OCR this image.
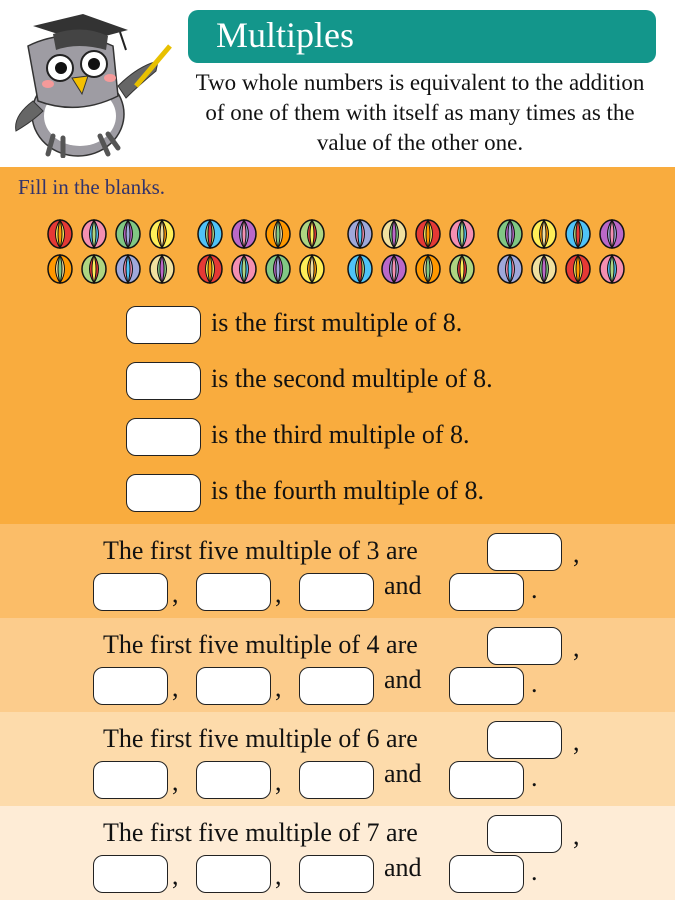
Multiples
Two whole numbers is equivalent to the addition of one of them with itself as many times as the value of the other one.
Fill in the blanks.
is the first multiple of 8.
is the second multiple of 8.
is the third multiple of 8.
is the fourth multiple of 8.
The first five multiple of 3 are	,
,	,	and	.
The first five multiple of 4 are	,
,	,	and	.
The first five multiple of 6 are	,
,	,	and	.
The first five multiple of 7 are	,
,	,	and	.
